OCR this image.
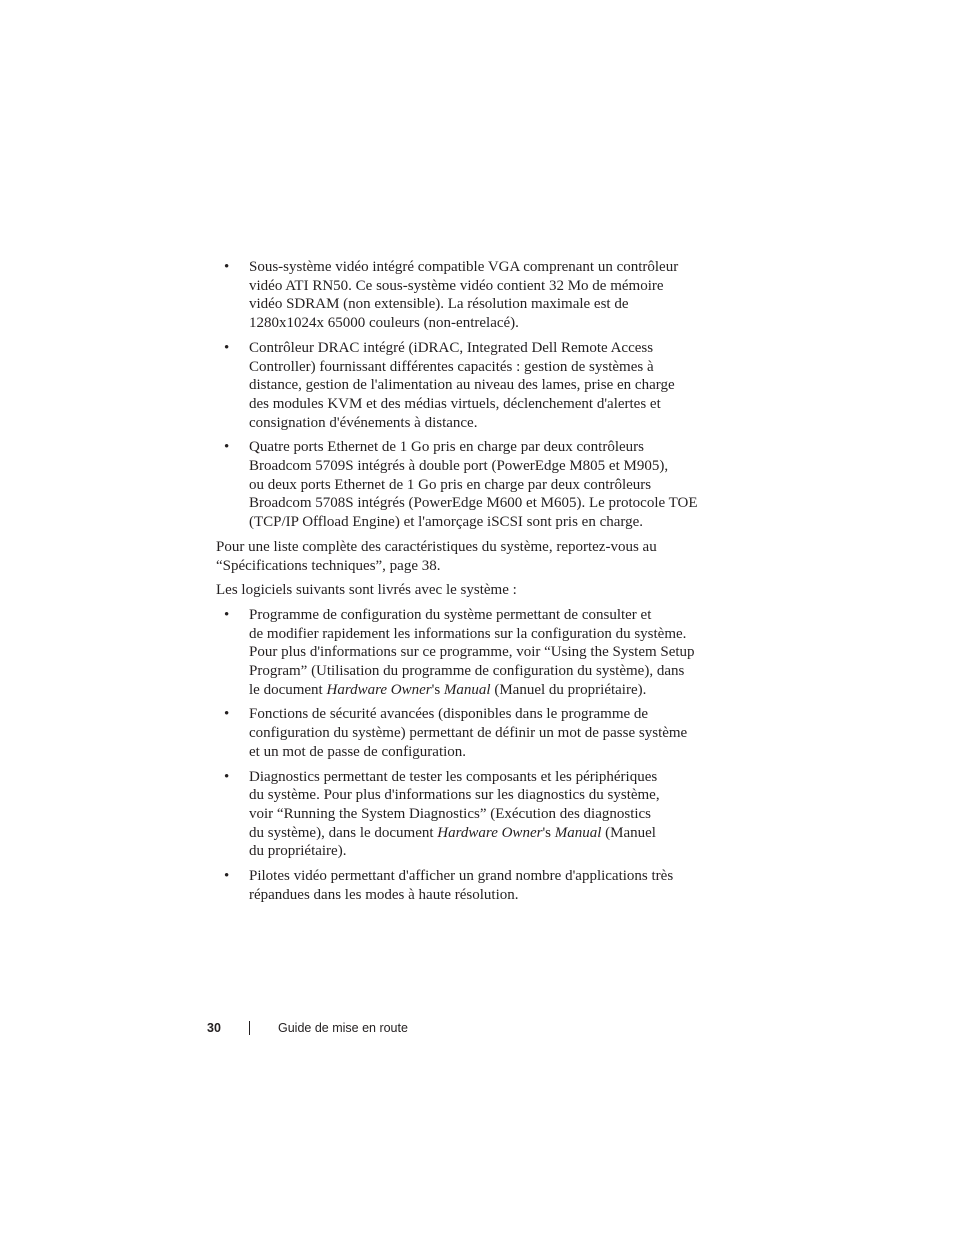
• Sous-système vidéo intégré compatible VGA comprenant un contrôleur
vidéo ATI RN50. Ce sous-système vidéo contient 32 Mo de mémoire
vidéo SDRAM (non extensible). La résolution maximale est de
1280x1024x 65000 couleurs (non-entrelacé).
• Contrôleur DRAC intégré (iDRAC, Integrated Dell Remote Access
Controller) fournissant différentes capacités : gestion de systèmes à
distance, gestion de l'alimentation au niveau des lames, prise en charge
des modules KVM et des médias virtuels, déclenchement d'alertes et
consignation d'événements à distance.
• Quatre ports Ethernet de 1 Go pris en charge par deux contrôleurs
Broadcom 5709S intégrés à double port (PowerEdge M805 et M905),
ou deux ports Ethernet de 1 Go pris en charge par deux contrôleurs
Broadcom 5708S intégrés (PowerEdge M600 et M605). Le protocole TOE
(TCP/IP Offload Engine) et l'amorçage iSCSI sont pris en charge.

Pour une liste complète des caractéristiques du système, reportez-vous au
“Spécifications techniques”, page 38.

Les logiciels suivants sont livrés avec le système :

• Programme de configuration du système permettant de consulter et
de modifier rapidement les informations sur la configuration du système.
Pour plus d'informations sur ce programme, voir “Using the System Setup
Program” (Utilisation du programme de configuration du système), dans
le document Hardware Owner's Manual (Manuel du propriétaire).
• Fonctions de sécurité avancées (disponibles dans le programme de
configuration du système) permettant de définir un mot de passe système
et un mot de passe de configuration.
• Diagnostics permettant de tester les composants et les périphériques
du système. Pour plus d'informations sur les diagnostics du système,
voir “Running the System Diagnostics” (Exécution des diagnostics
du système), dans le document Hardware Owner's Manual (Manuel
du propriétaire).
• Pilotes vidéo permettant d'afficher un grand nombre d'applications très
répandues dans les modes à haute résolution.
30	Guide de mise en route
